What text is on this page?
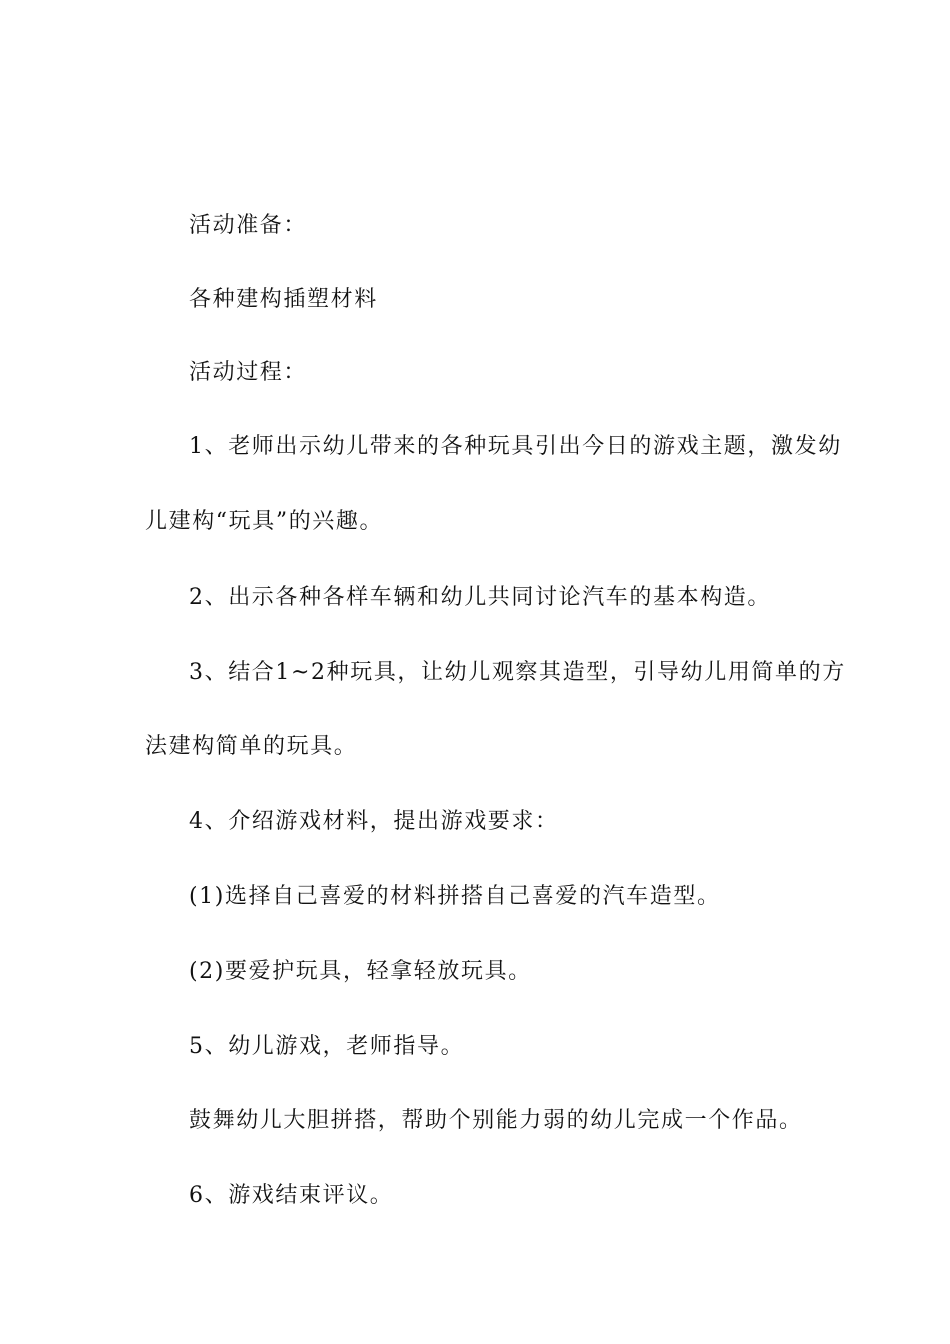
活动准备：
各种建构插塑材料
活动过程：
1、老师出示幼儿带来的各种玩具引出今日的游戏主题，激发幼
儿建构“玩具”的兴趣。
2、出示各种各样车辆和幼儿共同讨论汽车的基本构造。
3、结合1~2种玩具，让幼儿观察其造型，引导幼儿用简单的方
法建构简单的玩具。
4、介绍游戏材料，提出游戏要求：
(1)选择自己喜爱的材料拼搭自己喜爱的汽车造型。
(2)要爱护玩具，轻拿轻放玩具。
5、幼儿游戏，老师指导。
鼓舞幼儿大胆拼搭，帮助个别能力弱的幼儿完成一个作品。
6、游戏结束评议。
